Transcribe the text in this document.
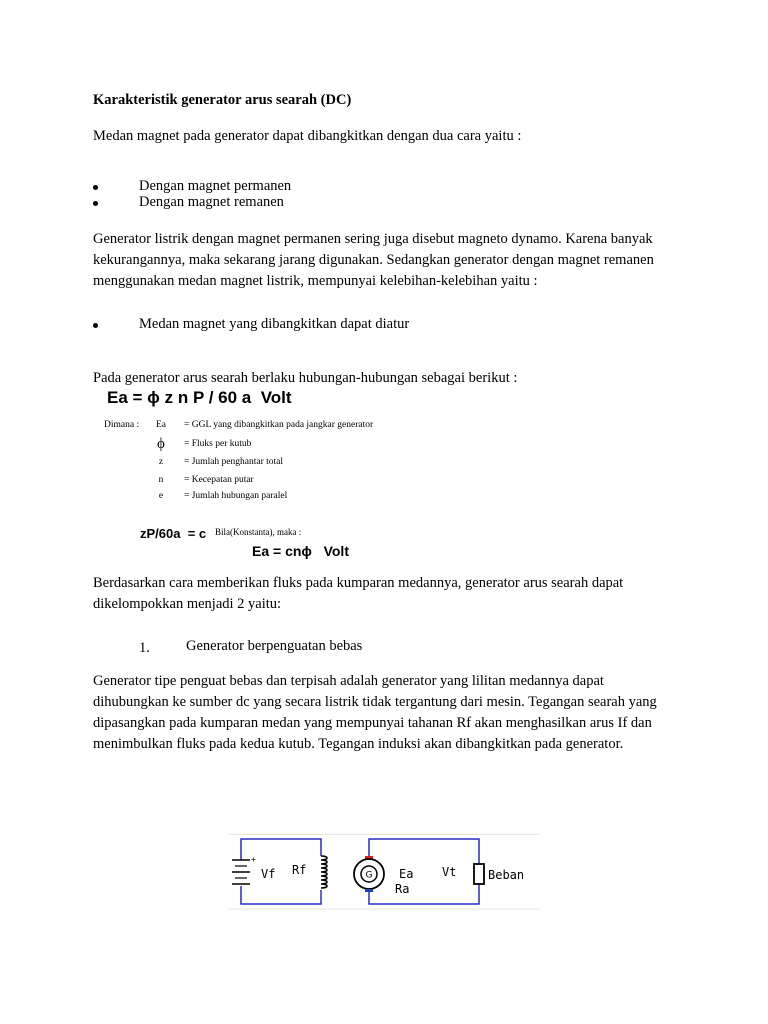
Karakteristik generator arus searah (DC)
Medan magnet pada generator dapat dibangkitkan dengan dua cara yaitu :
Dengan magnet permanen
Dengan magnet remanen
Generator listrik dengan magnet permanen sering juga disebut magneto dynamo. Karena banyak kekurangannya, maka sekarang jarang digunakan. Sedangkan generator dengan magnet remanen menggunakan medan magnet listrik, mempunyai kelebihan-kelebihan yaitu :
Medan magnet yang dibangkitkan dapat diatur
Pada generator arus searah berlaku hubungan-hubungan sebagai berikut :
Ea = ϕ z n P / 60 a  Volt
Dimana :	Ea	= GGL yang dibangkitkan pada jangkar generator
ϕ	= Fluks per kutub
z	= Jumlah penghantar total
n	= Kecepatan putar
e	= Jumlah hubungan paralel
zP/60a  = c Bila(Konstanta), maka :
Ea = cnϕ   Volt
Berdasarkan cara memberikan fluks pada kumparan medannya, generator arus searah dapat dikelompokkan menjadi 2 yaitu:
1. Generator berpenguatan bebas
Generator tipe penguat bebas dan terpisah adalah generator yang lilitan medannya dapat dihubungkan ke sumber dc yang secara listrik tidak tergantung dari mesin. Tegangan searah yang dipasangkan pada kumparan medan yang mempunyai tahanan Rf akan menghasilkan arus If dan menimbulkan fluks pada kedua kutub. Tegangan induksi akan dibangkitkan pada generator.
+
Vf Rf	G Ea
Ra
Vt	Beban
